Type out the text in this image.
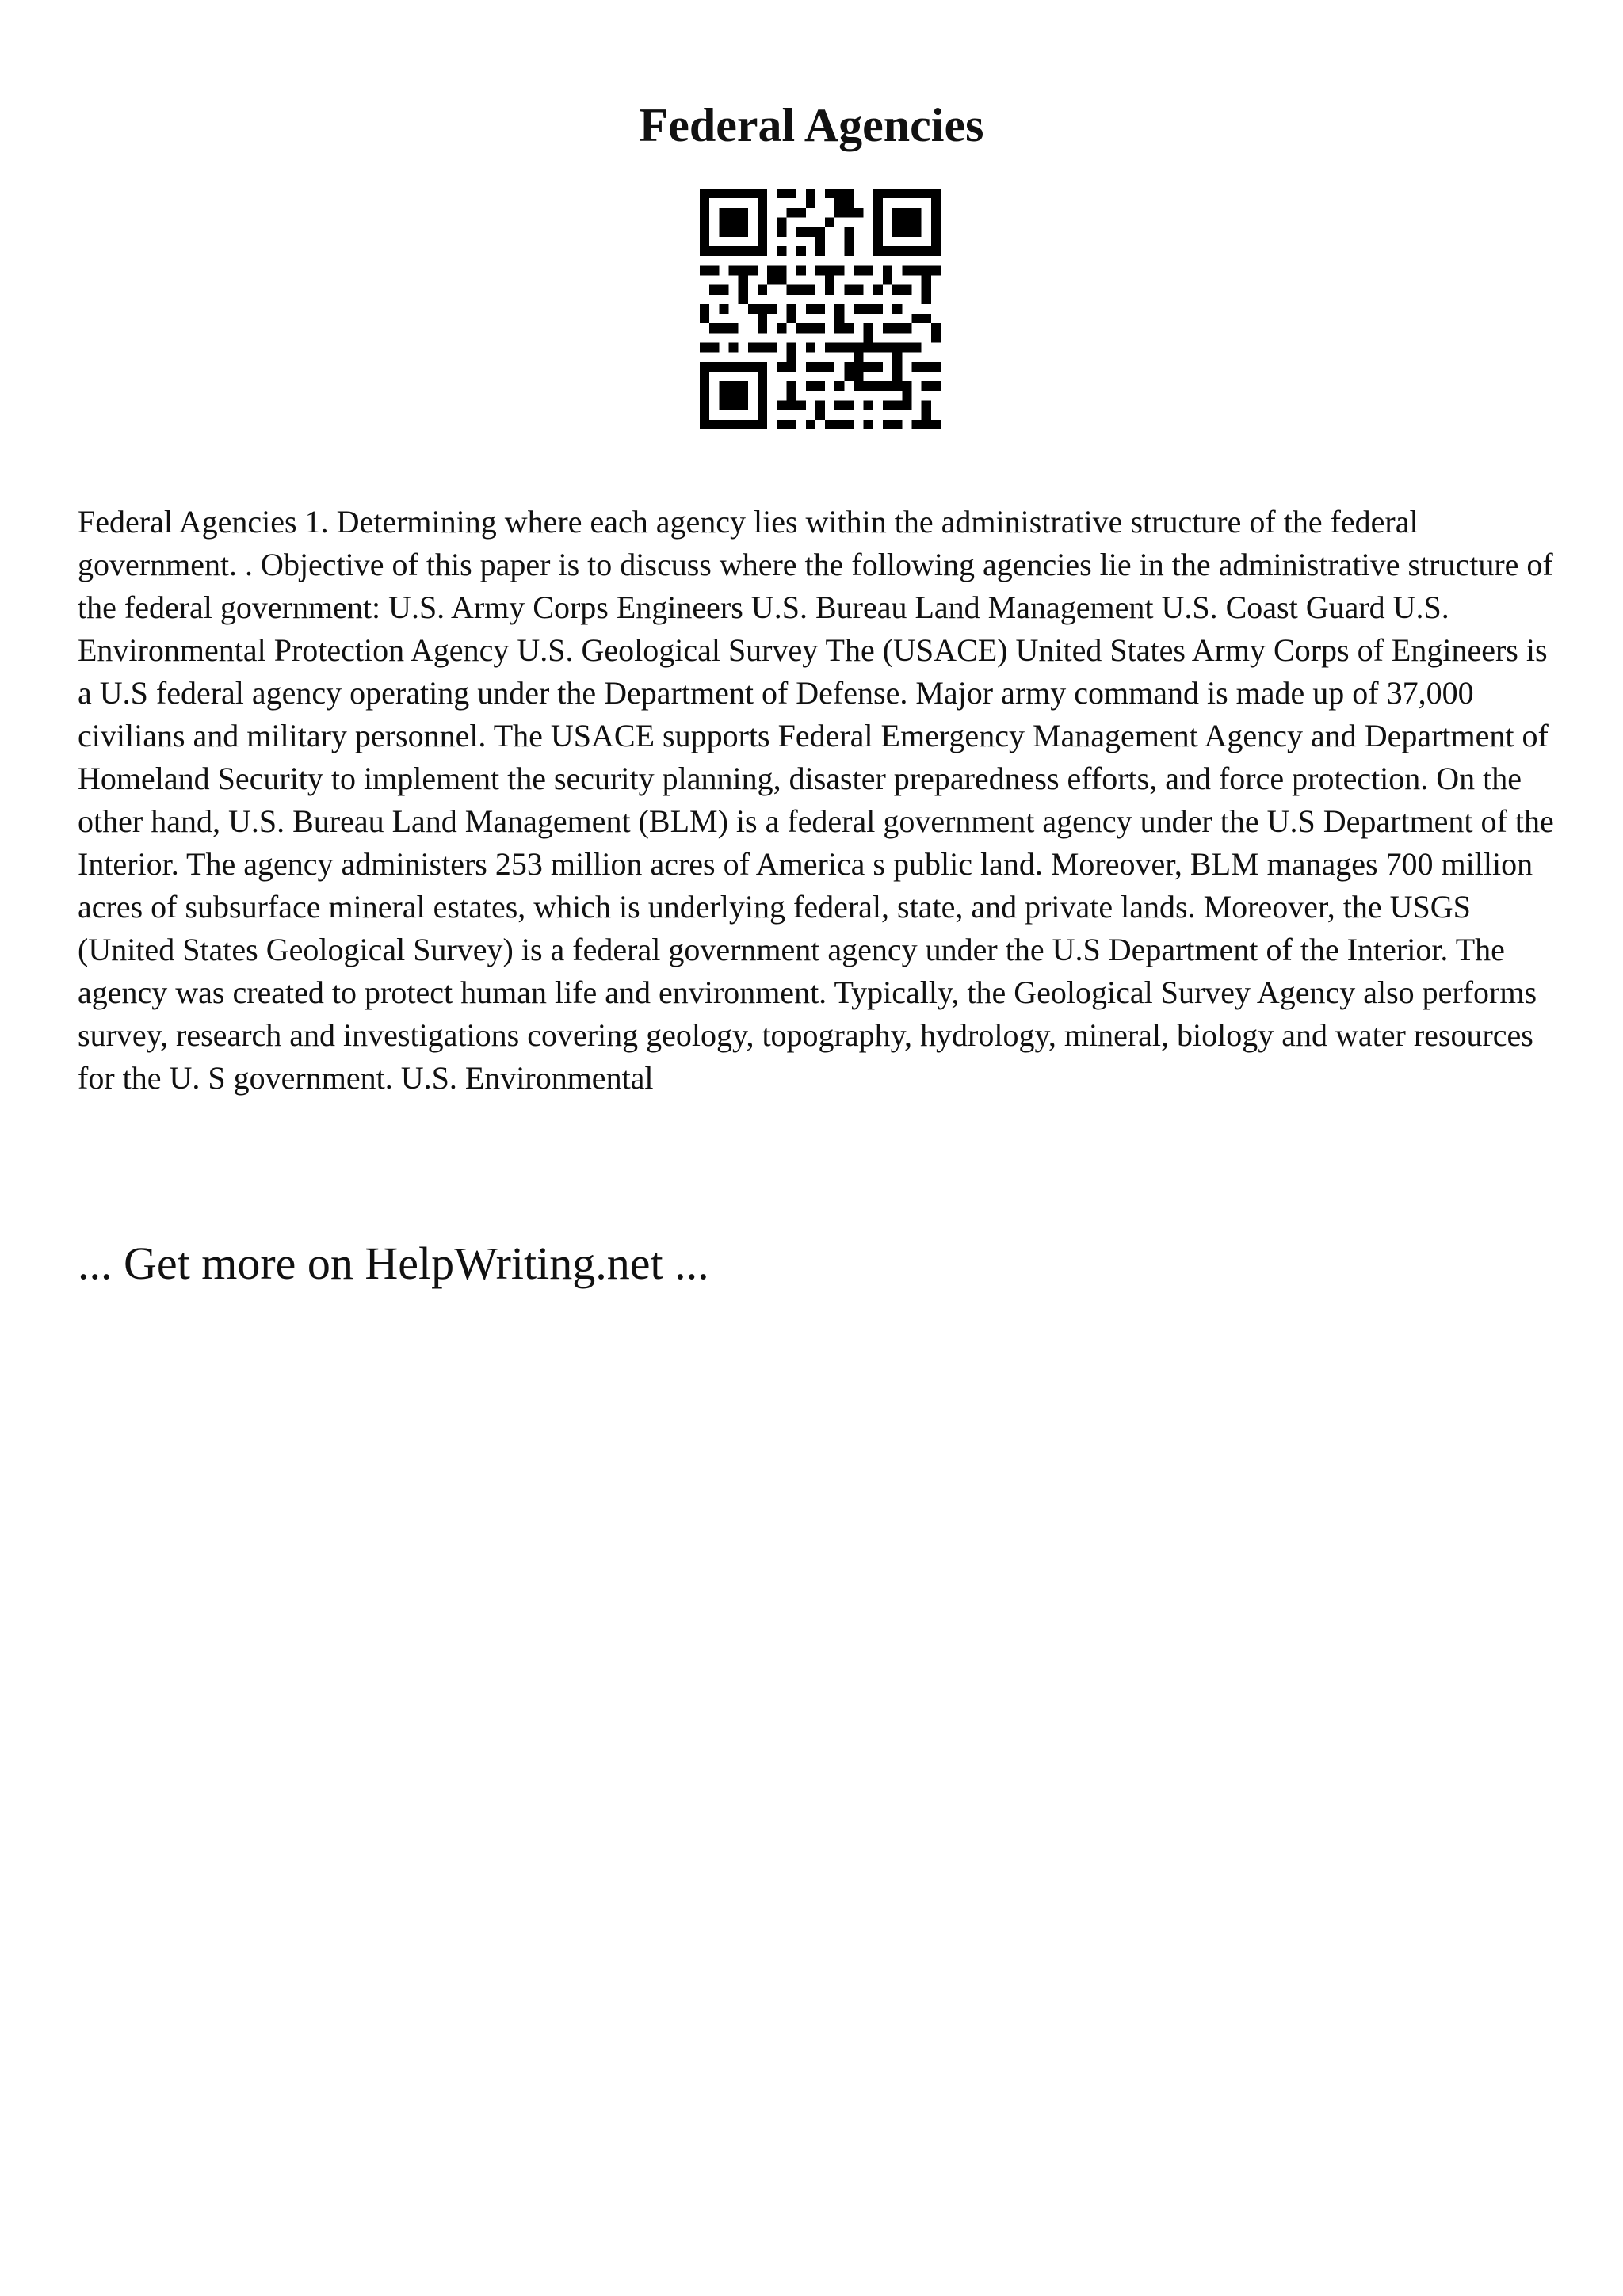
Federal Agencies

Federal Agencies 1. Determining where each agency lies within the administrative structure of the federal government. . Objective of this paper is to discuss where the following agencies lie in the administrative structure of the federal government: U.S. Army Corps Engineers U.S. Bureau Land Management U.S. Coast Guard U.S. Environmental Protection Agency U.S. Geological Survey The (USACE) United States Army Corps of Engineers is a U.S federal agency operating under the Department of Defense. Major army command is made up of 37,000 civilians and military personnel. The USACE supports Federal Emergency Management Agency and Department of Homeland Security to implement the security planning, disaster preparedness efforts, and force protection. On the other hand, U.S. Bureau Land Management (BLM) is a federal government agency under the U.S Department of the Interior. The agency administers 253 million acres of America s public land. Moreover, BLM manages 700 million acres of subsurface mineral estates, which is underlying federal, state, and private lands. Moreover, the USGS (United States Geological Survey) is a federal government agency under the U.S Department of the Interior. The agency was created to protect human life and environment. Typically, the Geological Survey Agency also performs survey, research and investigations covering geology, topography, hydrology, mineral, biology and water resources for the U. S government. U.S. Environmental

... Get more on HelpWriting.net ...
